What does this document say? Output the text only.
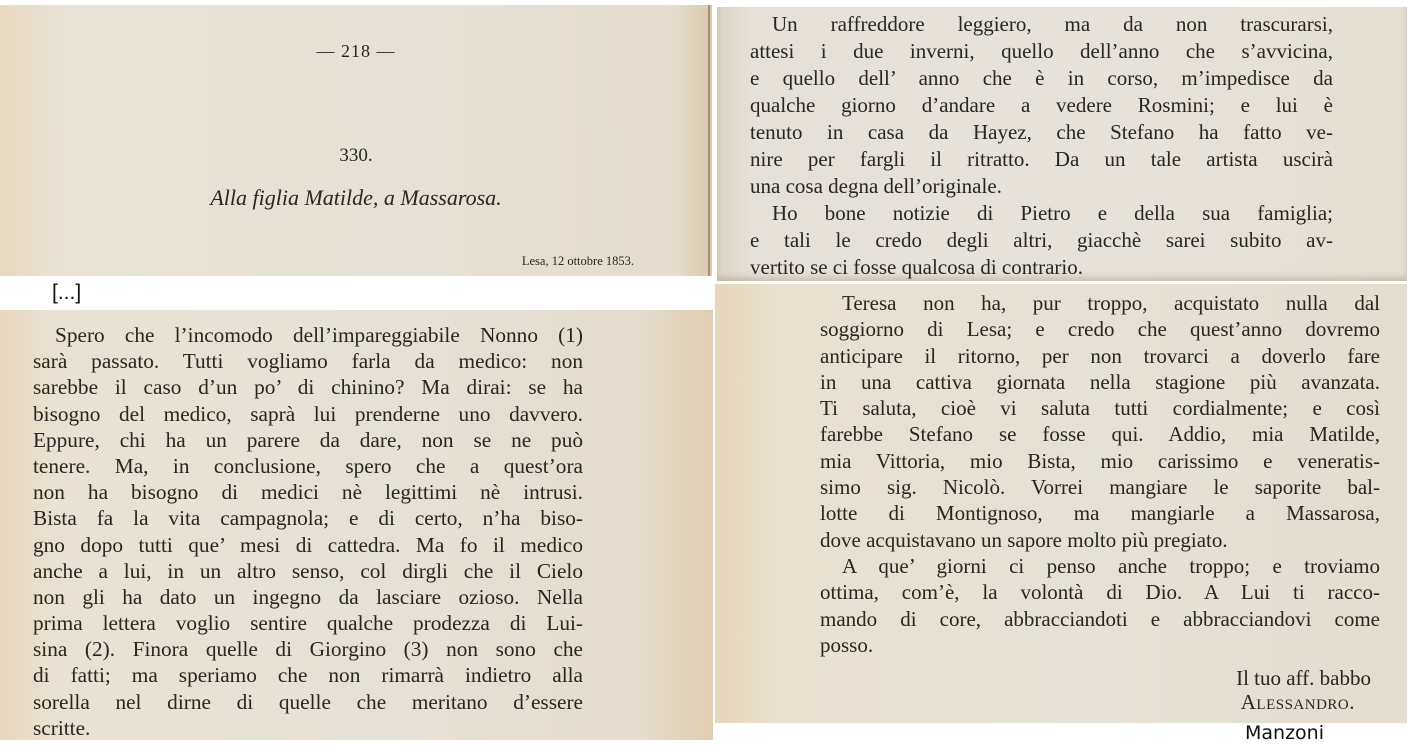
— 218 —
330.
Alla figlia Matilde, a Massarosa.
Lesa, 12 ottobre 1853.
[...]
Spero che l’incomodo dell’impareggiabile Nonno (1)
sarà passato. Tutti vogliamo farla da medico: non
sarebbe il caso d’un po’ di chinino? Ma dirai: se ha
bisogno del medico, saprà lui prenderne uno davvero.
Eppure, chi ha un parere da dare, non se ne può
tenere. Ma, in conclusione, spero che a quest’ora
non ha bisogno di medici nè legittimi nè intrusi.
Bista fa la vita campagnola; e di certo, n’ha biso-
gno dopo tutti que’ mesi di cattedra. Ma fo il medico
anche a lui, in un altro senso, col dirgli che il Cielo
non gli ha dato un ingegno da lasciare ozioso. Nella
prima lettera voglio sentire qualche prodezza di Lui-
sina (2). Finora quelle di Giorgino (3) non sono che
di fatti; ma speriamo che non rimarrà indietro alla
sorella nel dirne di quelle che meritano d’essere
scritte.
Un raffreddore leggiero, ma da non trascurarsi,
attesi i due inverni, quello dell’anno che s’avvicina,
e quello dell’ anno che è in corso, m’impedisce da
qualche giorno d’andare a vedere Rosmini; e lui è
tenuto in casa da Hayez, che Stefano ha fatto ve-
nire per fargli il ritratto. Da un tale artista uscirà
una cosa degna dell’originale.
Ho bone notizie di Pietro e della sua famiglia;
e tali le credo degli altri, giacchè sarei subito av-
vertito se ci fosse qualcosa di contrario.
Teresa non ha, pur troppo, acquistato nulla dal
soggiorno di Lesa; e credo che quest’anno dovremo
anticipare il ritorno, per non trovarci a doverlo fare
in una cattiva giornata nella stagione più avanzata.
Ti saluta, cioè vi saluta tutti cordialmente; e così
farebbe Stefano se fosse qui. Addio, mia Matilde,
mia Vittoria, mio Bista, mio carissimo e veneratis-
simo sig. Nicolò. Vorrei mangiare le saporite bal-
lotte di Montignoso, ma mangiarle a Massarosa,
dove acquistavano un sapore molto più pregiato.
A que’ giorni ci penso anche troppo; e troviamo
ottima, com’è, la volontà di Dio. A Lui ti racco-
mando di core, abbracciandoti e abbracciandovi come
posso.
Il tuo aff. babbo
Alessandro.
Manzoni
